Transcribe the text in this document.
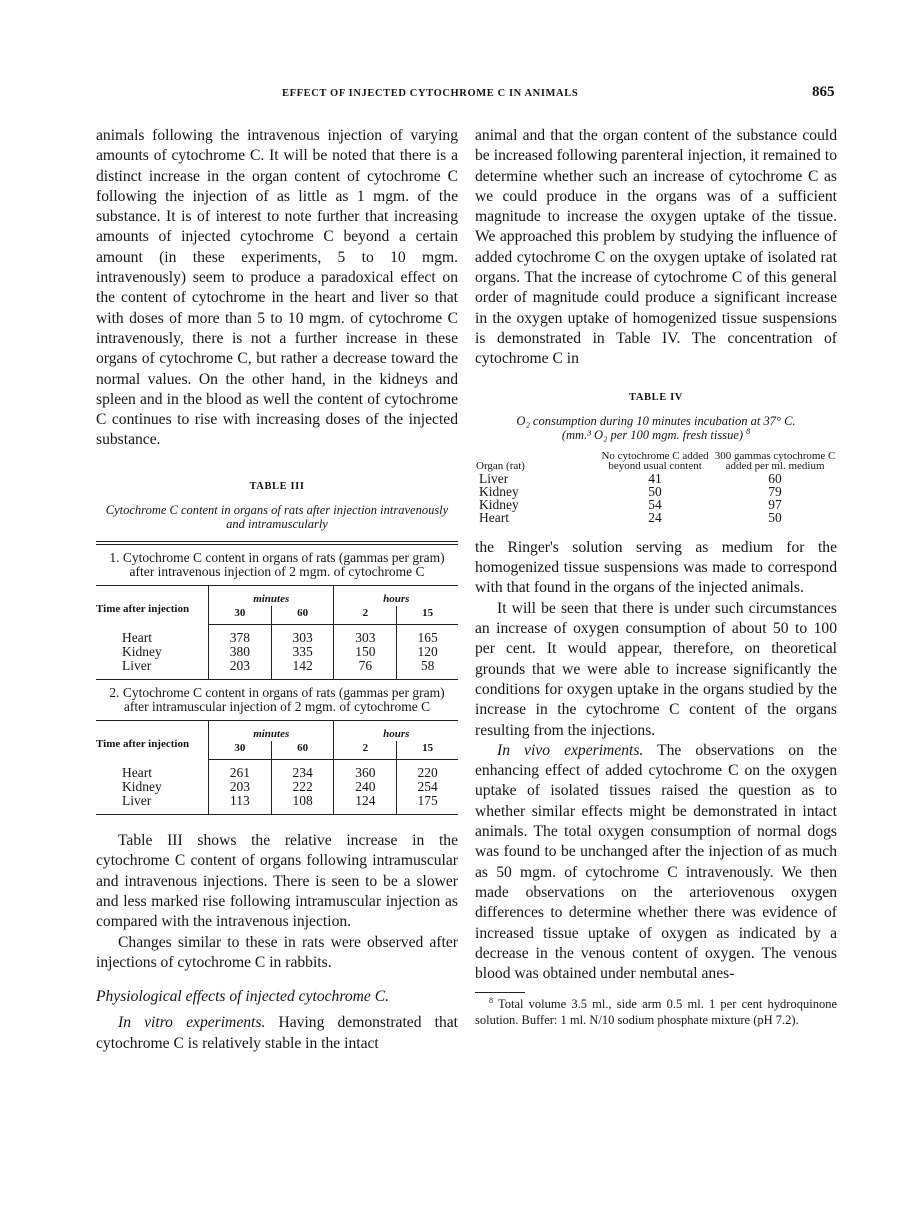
EFFECT OF INJECTED CYTOCHROME C IN ANIMALS	865

animals following the intravenous injection of varying amounts of cytochrome C. It will be noted that there is a distinct increase in the organ content of cytochrome C following the injection of as little as 1 mgm. of the substance. It is of interest to note further that increasing amounts of injected cytochrome C beyond a certain amount (in these experiments, 5 to 10 mgm. intravenously) seem to produce a paradoxical effect on the content of cytochrome in the heart and liver so that with doses of more than 5 to 10 mgm. of cytochrome C intravenously, there is not a further increase in these organs of cytochrome C, but rather a decrease toward the normal values. On the other hand, in the kidneys and spleen and in the blood as well the content of cytochrome C continues to rise with increasing doses of the injected substance.

TABLE III
Cytochrome C content in organs of rats after injection intravenously and intramuscularly
1. Cytochrome C content in organs of rats (gammas per gram) after intravenous injection of 2 mgm. of cytochrome C
Time after injection	minutes		hours	
	30	60	2	15
Heart	378	303	303	165
Kidney	380	335	150	120
Liver	203	142	76	58
2. Cytochrome C content in organs of rats (gammas per gram) after intramuscular injection of 2 mgm. of cytochrome C
Time after injection	minutes		hours	
	30	60	2	15
Heart	261	234	360	220
Kidney	203	222	240	254
Liver	113	108	124	175

Table III shows the relative increase in the cytochrome C content of organs following intramuscular and intravenous injections. There is seen to be a slower and less marked rise following intramuscular injection as compared with the intravenous injection.

Changes similar to these in rats were observed after injections of cytochrome C in rabbits.

Physiological effects of injected cytochrome C.

In vitro experiments. Having demonstrated that cytochrome C is relatively stable in the intact

animal and that the organ content of the substance could be increased following parenteral injection, it remained to determine whether such an increase of cytochrome C as we could produce in the organs was of a sufficient magnitude to increase the oxygen uptake of the tissue. We approached this problem by studying the influence of added cytochrome C on the oxygen uptake of isolated rat organs. That the increase of cytochrome C of this general order of magnitude could produce a significant increase in the oxygen uptake of homogenized tissue suspensions is demonstrated in Table IV. The concentration of cytochrome C in

TABLE IV
O₂ consumption during 10 minutes incubation at 37° C.
(mm.³ O₂ per 100 mgm. fresh tissue) $^8$
Organ (rat)	No cytochrome C added beyond usual content	300 gammas cytochrome C added per ml. medium
Liver	41	60
Kidney	50	79
Kidney	54	97
Heart	24	50

the Ringer's solution serving as medium for the homogenized tissue suspensions was made to correspond with that found in the organs of the injected animals.

It will be seen that there is under such circumstances an increase of oxygen consumption of about 50 to 100 per cent. It would appear, therefore, on theoretical grounds that we were able to increase significantly the conditions for oxygen uptake in the organs studied by the increase in the cytochrome C content of the organs resulting from the injections.

In vivo experiments. The observations on the enhancing effect of added cytochrome C on the oxygen uptake of isolated tissues raised the question as to whether similar effects might be demonstrated in intact animals. The total oxygen consumption of normal dogs was found to be unchanged after the injection of as much as 50 mgm. of cytochrome C intravenously. We then made observations on the arteriovenous oxygen differences to determine whether there was evidence of increased tissue uptake of oxygen as indicated by a decrease in the venous content of oxygen. The venous blood was obtained under nembutal anes-

$^8$ Total volume 3.5 ml., side arm 0.5 ml. 1 per cent hydroquinone solution. Buffer: 1 ml. N/10 sodium phosphate mixture (pH 7.2).
